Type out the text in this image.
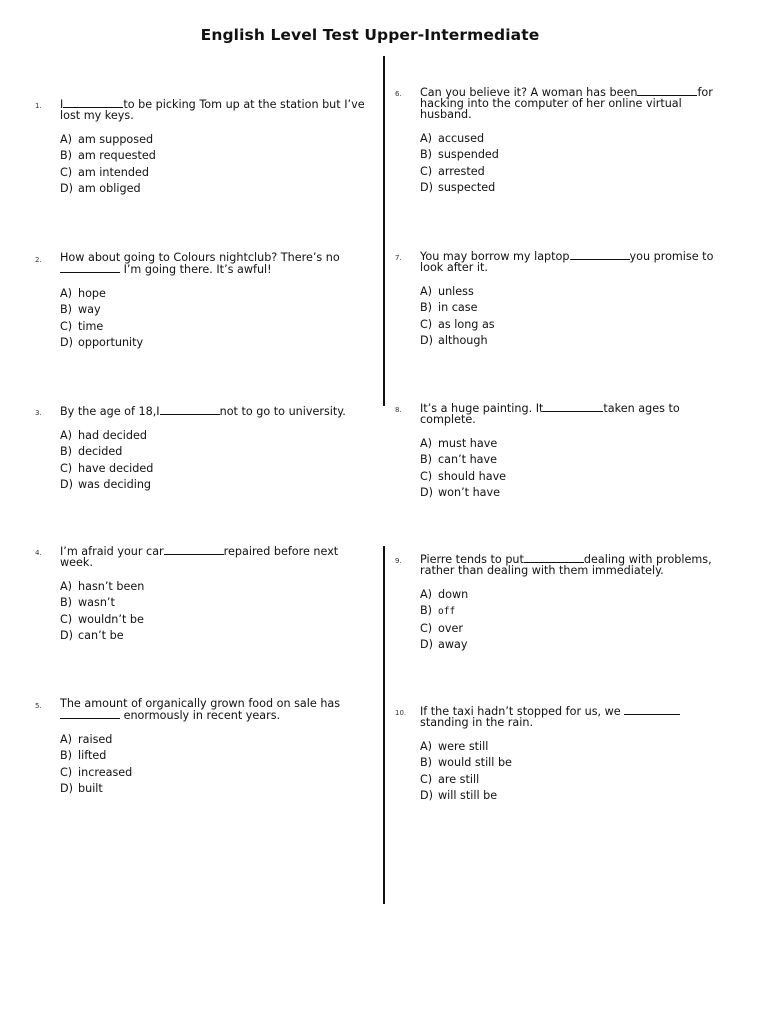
English Level Test Upper-Intermediate
1. I	to be picking Tom up at the station but I’ve lost my keys.

A) am supposed
B) am requested
C) am intended
D) am obliged
2. How about going to Colours nightclub? There’s no  I’m going there. It’s awful!

A) hope
B) way
C) time
D) opportunity
3. By the age of 18,I	not to go to university.

A) had decided
B) decided
C) have decided
D) was deciding
4. I’m afraid your car	repaired before next week.

A) hasn’t been
B) wasn’t
C) wouldn’t be
D) can’t be
5. The amount of organically grown food on sale has  enormously in recent years.

A) raised
B) lifted
C) increased
D) built
6. Can you believe it? A woman has been	for hacking into the computer of her online virtual husband.

A) accused
B) suspended
C) arrested
D) suspected
7. You may borrow my laptop	you promise to look after it.

A) unless
B) in case
C) as long as
D) although
8. It’s a huge painting. It	taken ages to complete.

A) must have
B) can’t have
C) should have
D) won’t have
9. Pierre tends to put	dealing with problems, rather than dealing with them immediately.

A) down
B) off
C) over
D) away
10. If the taxi hadn’t stopped for us, we  standing in the rain.

A) were still
B) would still be
C) are still
D) will still be
